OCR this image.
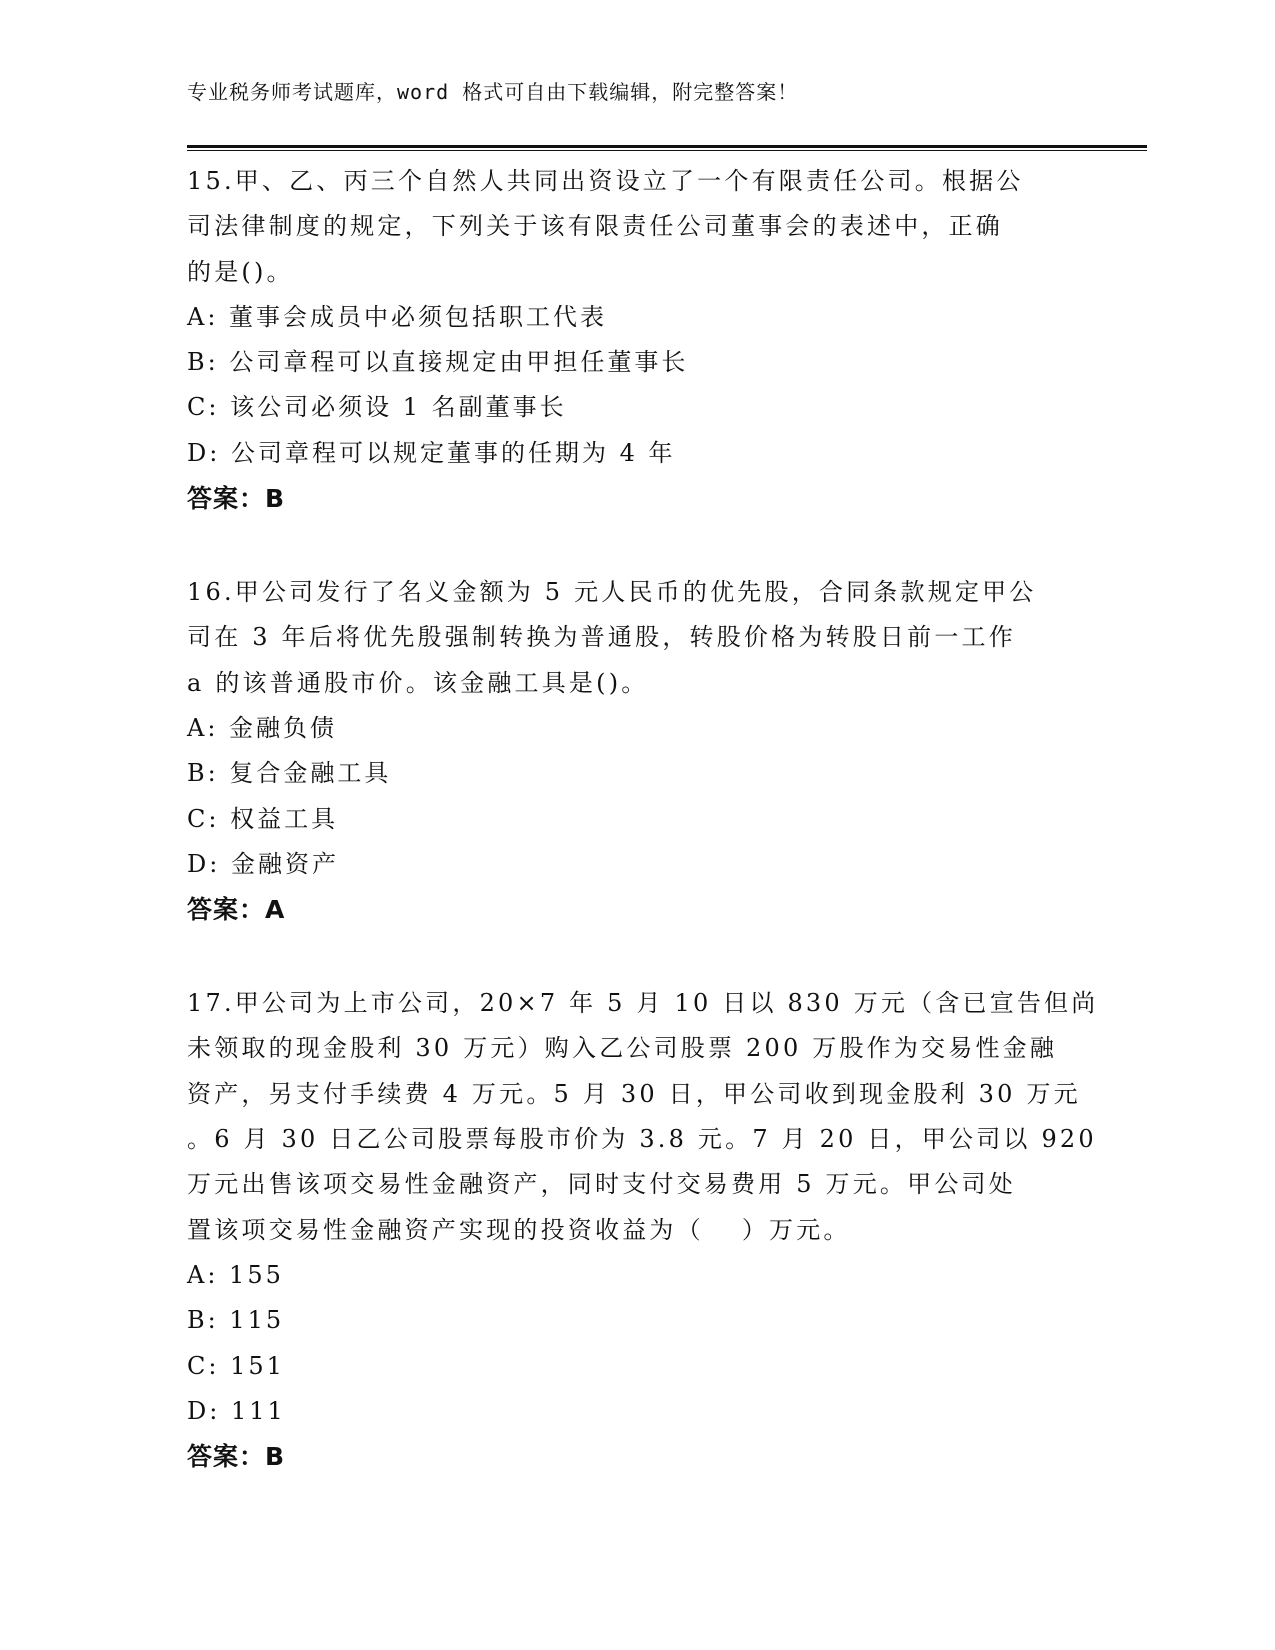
专业税务师考试题库，word 格式可自由下载编辑，附完整答案！
15.甲、乙、丙三个自然人共同出资设立了一个有限责任公司。根据公
司法律制度的规定，下列关于该有限责任公司董事会的表述中，正确
的是()。
A: 董事会成员中必须包括职工代表
B: 公司章程可以直接规定由甲担任董事长
C: 该公司必须设 1 名副董事长
D: 公司章程可以规定董事的任期为 4 年
答案：B
16.甲公司发行了名义金额为 5 元人民币的优先股，合同条款规定甲公
司在 3 年后将优先殷强制转换为普通股，转股价格为转股日前一工作
a 的该普通股市价。该金融工具是()。
A: 金融负债
B: 复合金融工具
C: 权益工具
D: 金融资产
答案：A
17.甲公司为上市公司，20×7 年 5 月 10 日以 830 万元（含已宣告但尚
未领取的现金股利 30 万元）购入乙公司股票 200 万股作为交易性金融
资产，另支付手续费 4 万元。5 月 30 日，甲公司收到现金股利 30 万元
。6 月 30 日乙公司股票每股市价为 3.8 元。7 月 20 日，甲公司以 920
万元出售该项交易性金融资产，同时支付交易费用 5 万元。甲公司处
置该项交易性金融资产实现的投资收益为（　 ）万元。
A: 155
B: 115
C: 151
D: 111
答案：B
